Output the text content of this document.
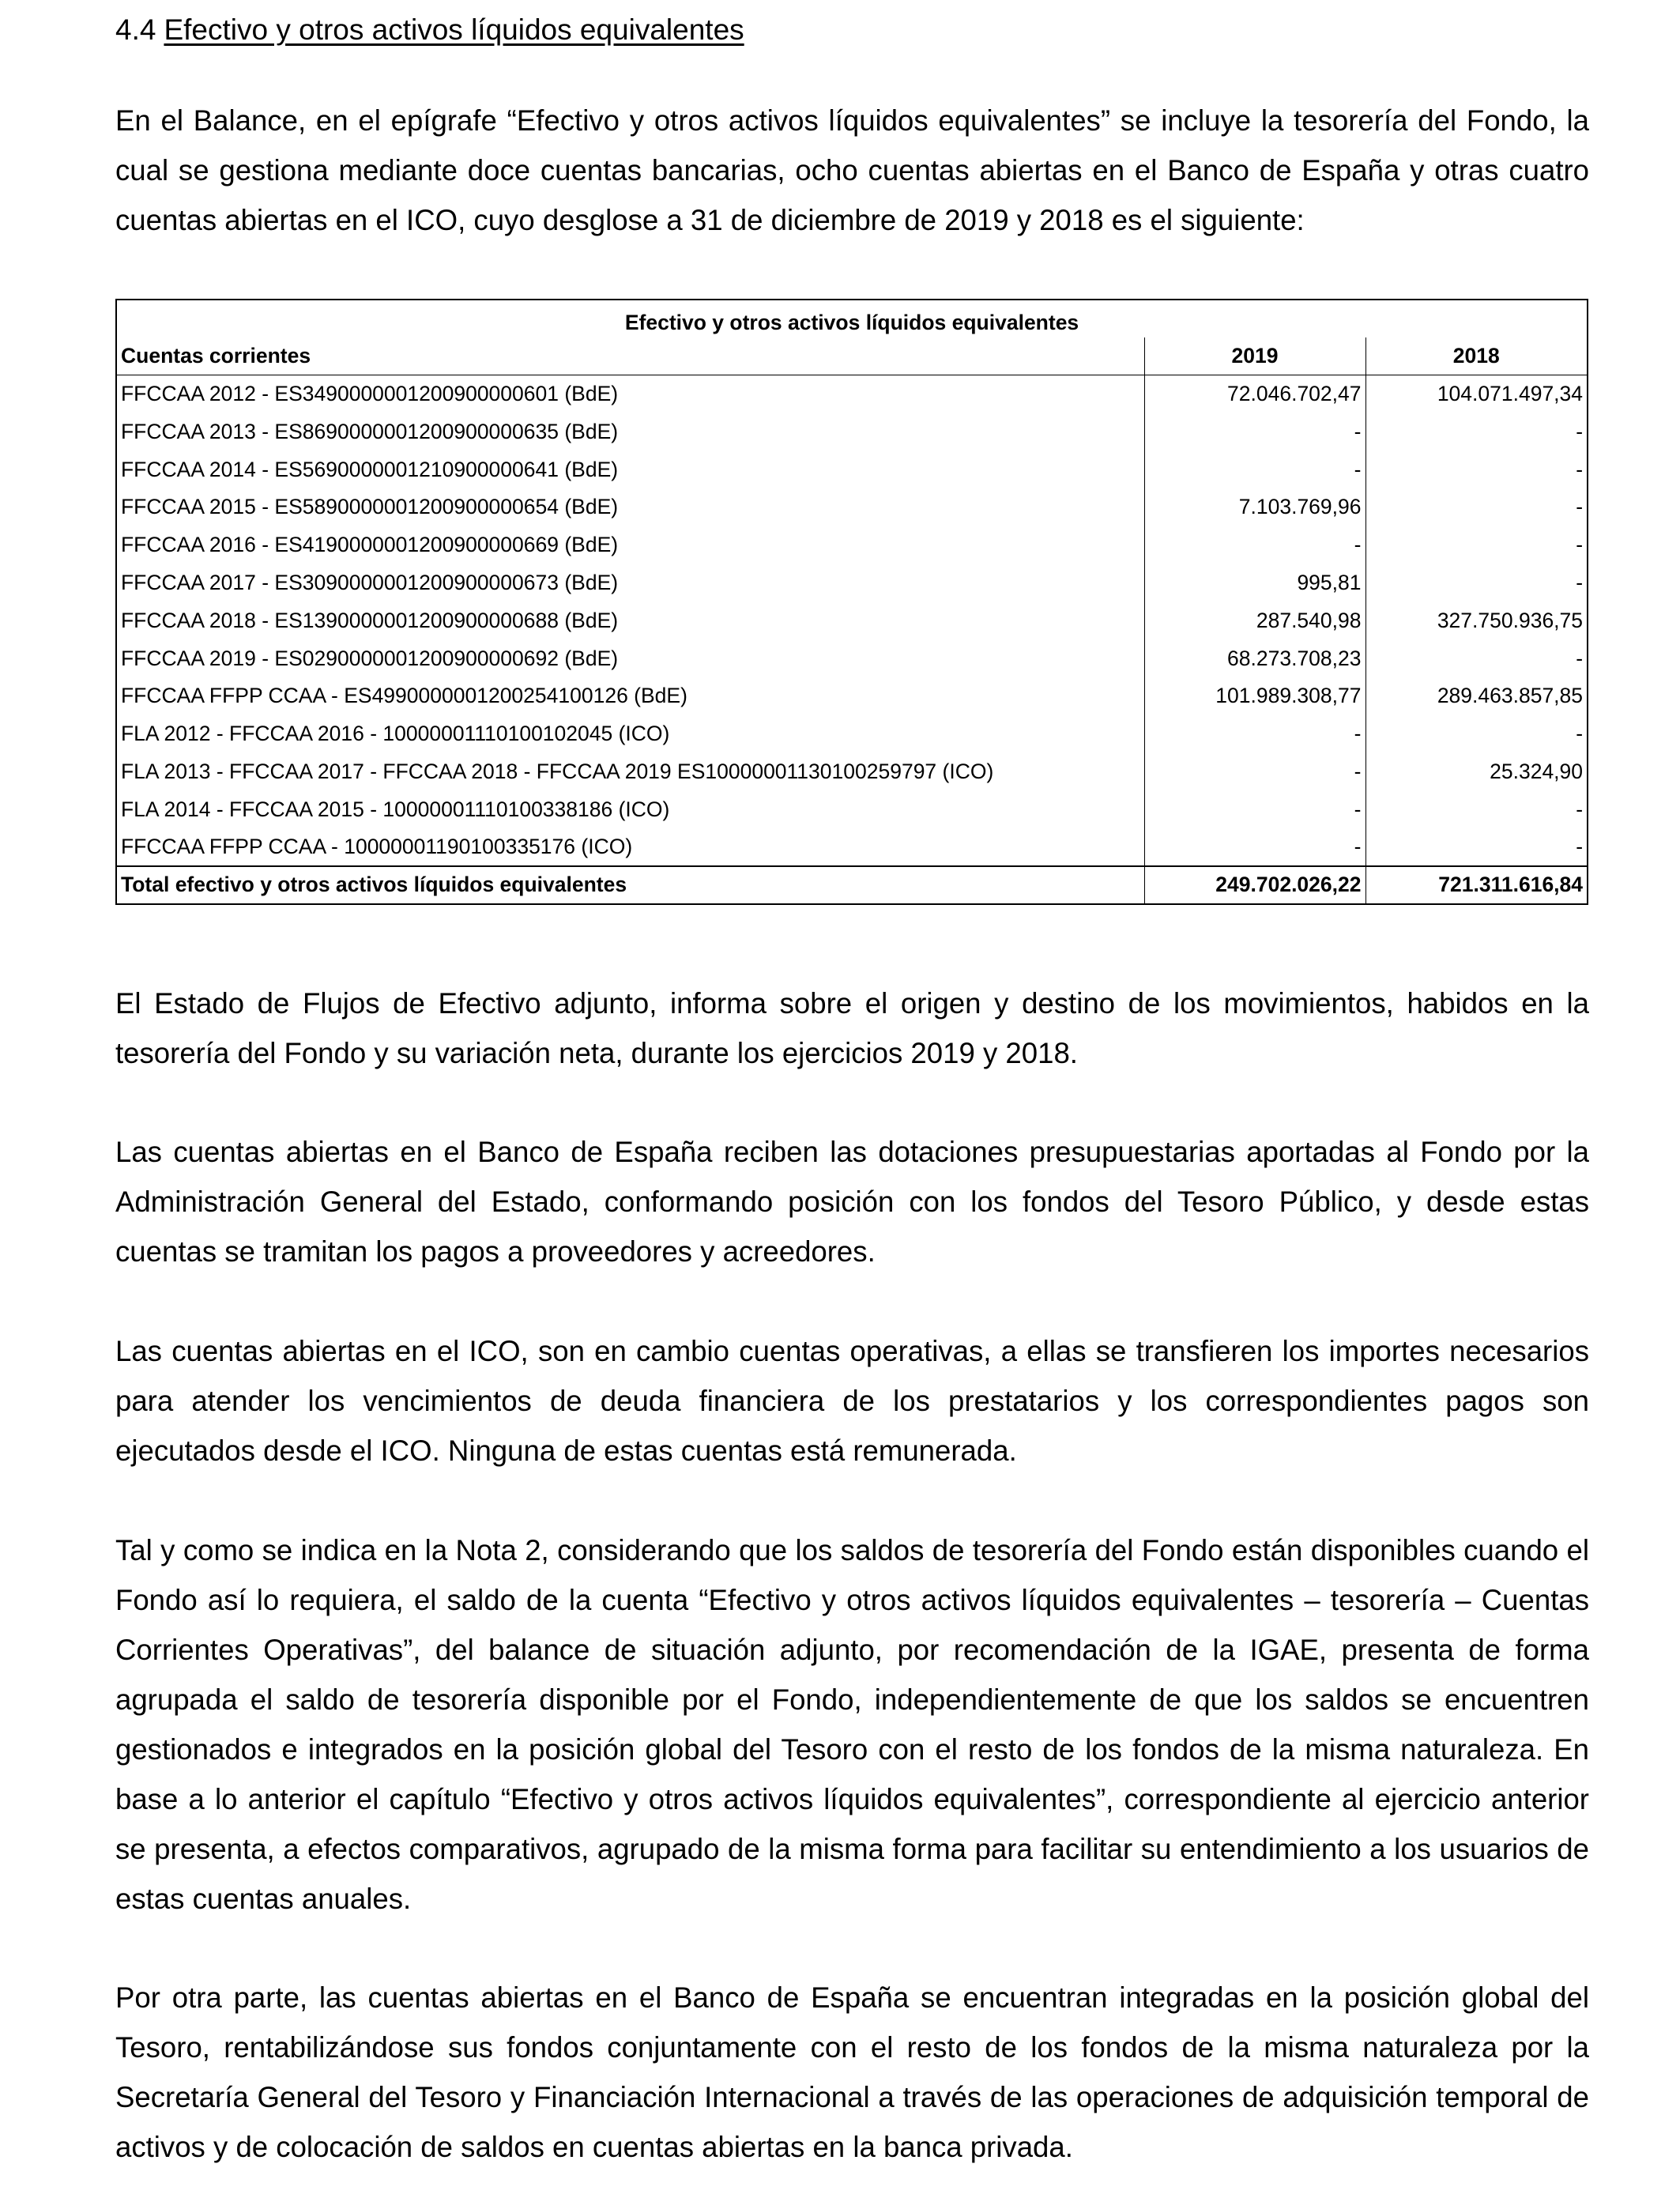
4.4 Efectivo y otros activos líquidos equivalentes

En el Balance, en el epígrafe “Efectivo y otros activos líquidos equivalentes” se incluye la tesorería del Fondo, la cual se gestiona mediante doce cuentas bancarias, ocho cuentas abiertas en el Banco de España y otras cuatro cuentas abiertas en el ICO, cuyo desglose a 31 de diciembre de 2019 y 2018 es el siguiente:

Efectivo y otros activos líquidos equivalentes		
Cuentas corrientes	2019	2018
FFCCAA 2012 - ES3490000001200900000601 (BdE)	72.046.702,47	104.071.497,34
FFCCAA 2013 - ES8690000001200900000635 (BdE)	-	-
FFCCAA 2014 - ES5690000001210900000641 (BdE)	-	-
FFCCAA 2015 - ES5890000001200900000654 (BdE)	7.103.769,96	-
FFCCAA 2016 - ES4190000001200900000669 (BdE)	-	-
FFCCAA 2017 - ES3090000001200900000673 (BdE)	995,81	-
FFCCAA 2018 - ES1390000001200900000688 (BdE)	287.540,98	327.750.936,75
FFCCAA 2019 - ES0290000001200900000692 (BdE)	68.273.708,23	-
FFCCAA FFPP CCAA - ES4990000001200254100126 (BdE)	101.989.308,77	289.463.857,85
FLA 2012 - FFCCAA 2016 - 10000001110100102045 (ICO)	-	-
FLA 2013 - FFCCAA 2017 - FFCCAA 2018 - FFCCAA 2019 ES10000001130100259797 (ICO)	-	25.324,90
FLA 2014 - FFCCAA 2015 - 10000001110100338186 (ICO)	-	-
FFCCAA FFPP CCAA - 10000001190100335176 (ICO)	-	-
Total efectivo y otros activos líquidos equivalentes	249.702.026,22	721.311.616,84

El Estado de Flujos de Efectivo adjunto, informa sobre el origen y destino de los movimientos, habidos en la tesorería del Fondo y su variación neta, durante los ejercicios 2019 y 2018.

Las cuentas abiertas en el Banco de España reciben las dotaciones presupuestarias aportadas al Fondo por la Administración General del Estado, conformando posición con los fondos del Tesoro Público, y desde estas cuentas se tramitan los pagos a proveedores y acreedores.

Las cuentas abiertas en el ICO, son en cambio cuentas operativas, a ellas se transfieren los importes necesarios para atender los vencimientos de deuda financiera de los prestatarios y los correspondientes pagos son ejecutados desde el ICO. Ninguna de estas cuentas está remunerada.

Tal y como se indica en la Nota 2, considerando que los saldos de tesorería del Fondo están disponibles cuando el Fondo así lo requiera, el saldo de la cuenta “Efectivo y otros activos líquidos equivalentes – tesorería – Cuentas Corrientes Operativas”, del balance de situación adjunto, por recomendación de la IGAE, presenta de forma agrupada el saldo de tesorería disponible por el Fondo, independientemente de que los saldos se encuentren gestionados e integrados en la posición global del Tesoro con el resto de los fondos de la misma naturaleza. En base a lo anterior el capítulo “Efectivo y otros activos líquidos equivalentes”, correspondiente al ejercicio anterior se presenta, a efectos comparativos, agrupado de la misma forma para facilitar su entendimiento a los usuarios de estas cuentas anuales.

Por otra parte, las cuentas abiertas en el Banco de España se encuentran integradas en la posición global del Tesoro, rentabilizándose sus fondos conjuntamente con el resto de los fondos de la misma naturaleza por la Secretaría General del Tesoro y Financiación Internacional a través de las operaciones de adquisición temporal de activos y de colocación de saldos en cuentas abiertas en la banca privada.
